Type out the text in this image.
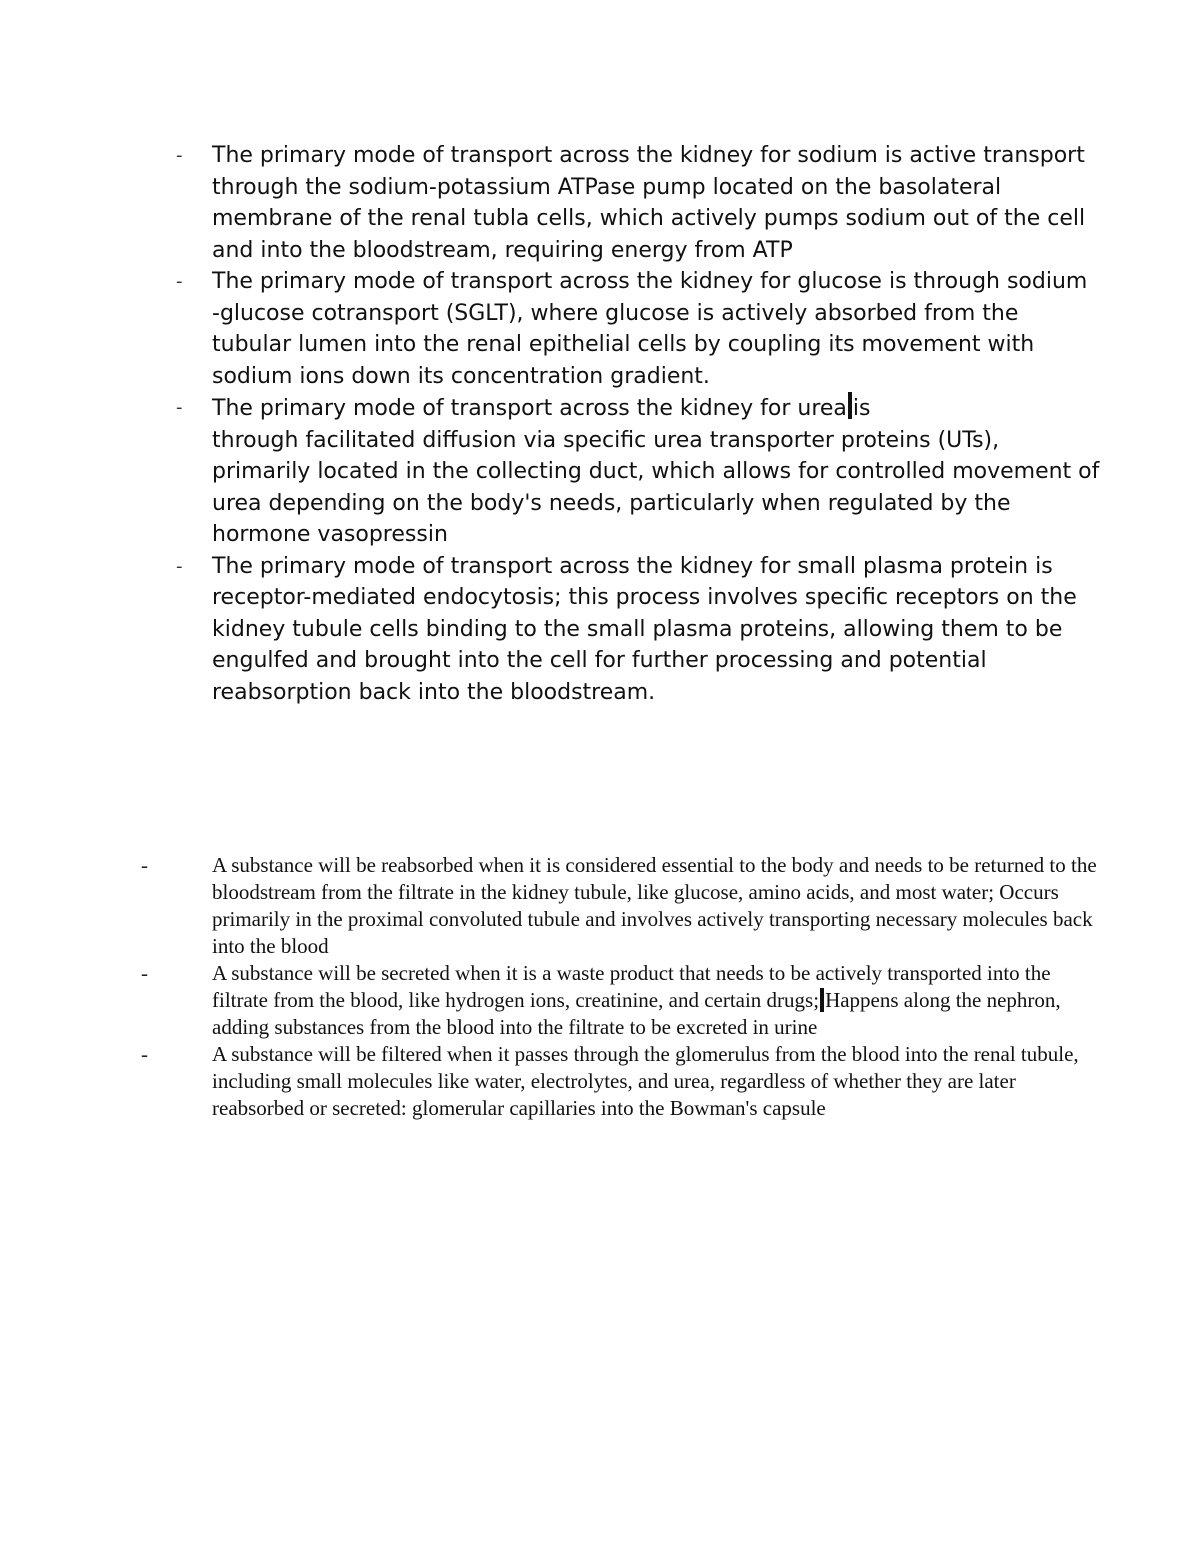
- The primary mode of transport across the kidney for sodium is active transport through the sodium-potassium ATPase pump located on the basolateral membrane of the renal tubla cells, which actively pumps sodium out of the cell and into the bloodstream, requiring energy from ATP
- The primary mode of transport across the kidney for glucose is through sodium -glucose cotransport (SGLT), where glucose is actively absorbed from the tubular lumen into the renal epithelial cells by coupling its movement with sodium ions down its concentration gradient.
- The primary mode of transport across the kidney for urea is
through facilitated diffusion via specific urea transporter proteins (UTs), primarily located in the collecting duct, which allows for controlled movement of urea depending on the body's needs, particularly when regulated by the hormone vasopressin
- The primary mode of transport across the kidney for small plasma protein is receptor-mediated endocytosis; this process involves specific receptors on the kidney tubule cells binding to the small plasma proteins, allowing them to be engulfed and brought into the cell for further processing and potential reabsorption back into the bloodstream.
-	A substance will be reabsorbed when it is considered essential to the body and needs to be returned to the bloodstream from the filtrate in the kidney tubule, like glucose, amino acids, and most water; Occurs primarily in the proximal convoluted tubule and involves actively transporting necessary molecules back into the blood
-	A substance will be secreted when it is a waste product that needs to be actively transported into the filtrate from the blood, like hydrogen ions, creatinine, and certain drugs; Happens along the nephron, adding substances from the blood into the filtrate to be excreted in urine
-	A substance will be filtered when it passes through the glomerulus from the blood into the renal tubule, including small molecules like water, electrolytes, and urea, regardless of whether they are later reabsorbed or secreted: glomerular capillaries into the Bowman's capsule
